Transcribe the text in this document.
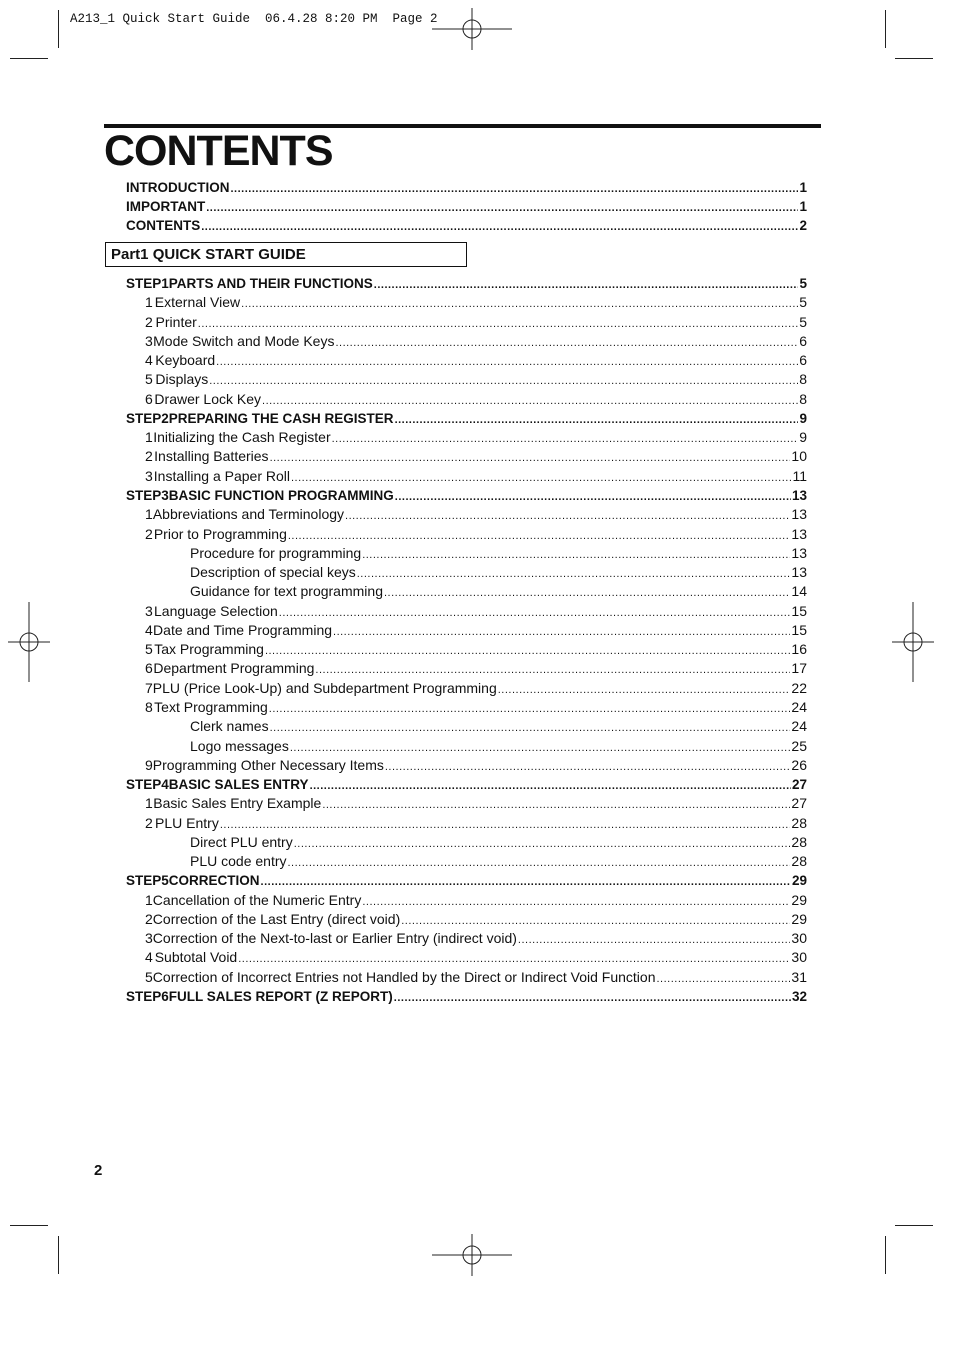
A213_1 Quick Start Guide  06.4.28 8:20 PM  Page 2
CONTENTS
INTRODUCTION .....	1
IMPORTANT .....	1
CONTENTS .....	2
Part1 QUICK START GUIDE
STEP1 PARTS AND THEIR FUNCTIONS .....	5
1 External View .....	5
2 Printer .....	5
3 Mode Switch and Mode Keys .....	6
4 Keyboard .....	6
5 Displays .....	8
6 Drawer Lock Key .....	8
STEP2 PREPARING THE CASH REGISTER .....	9
1 Initializing the Cash Register .....	9
2 Installing Batteries .....	10
3 Installing a Paper Roll .....	11
STEP3 BASIC FUNCTION PROGRAMMING .....	13
1 Abbreviations and Terminology .....	13
2 Prior to Programming .....	13
Procedure for programming .....	13
Description of special keys .....	13
Guidance for text programming .....	14
3 Language Selection .....	15
4 Date and Time Programming .....	15
5 Tax Programming .....	16
6 Department Programming .....	17
7 PLU (Price Look-Up) and Subdepartment Programming .....	22
8 Text Programming .....	24
Clerk names .....	24
Logo messages .....	25
9 Programming Other Necessary Items .....	26
STEP4 BASIC SALES ENTRY .....	27
1 Basic Sales Entry Example .....	27
2 PLU Entry .....	28
Direct PLU entry .....	28
PLU code entry .....	28
STEP5 CORRECTION .....	29
1 Cancellation of the Numeric Entry .....	29
2 Correction of the Last Entry (direct void) .....	29
3 Correction of the Next-to-last or Earlier Entry (indirect void) .....	30
4 Subtotal Void .....	30
5 Correction of Incorrect Entries not Handled by the Direct or Indirect Void Function .....	31
STEP6 FULL SALES REPORT (Z REPORT) .....	32
2
